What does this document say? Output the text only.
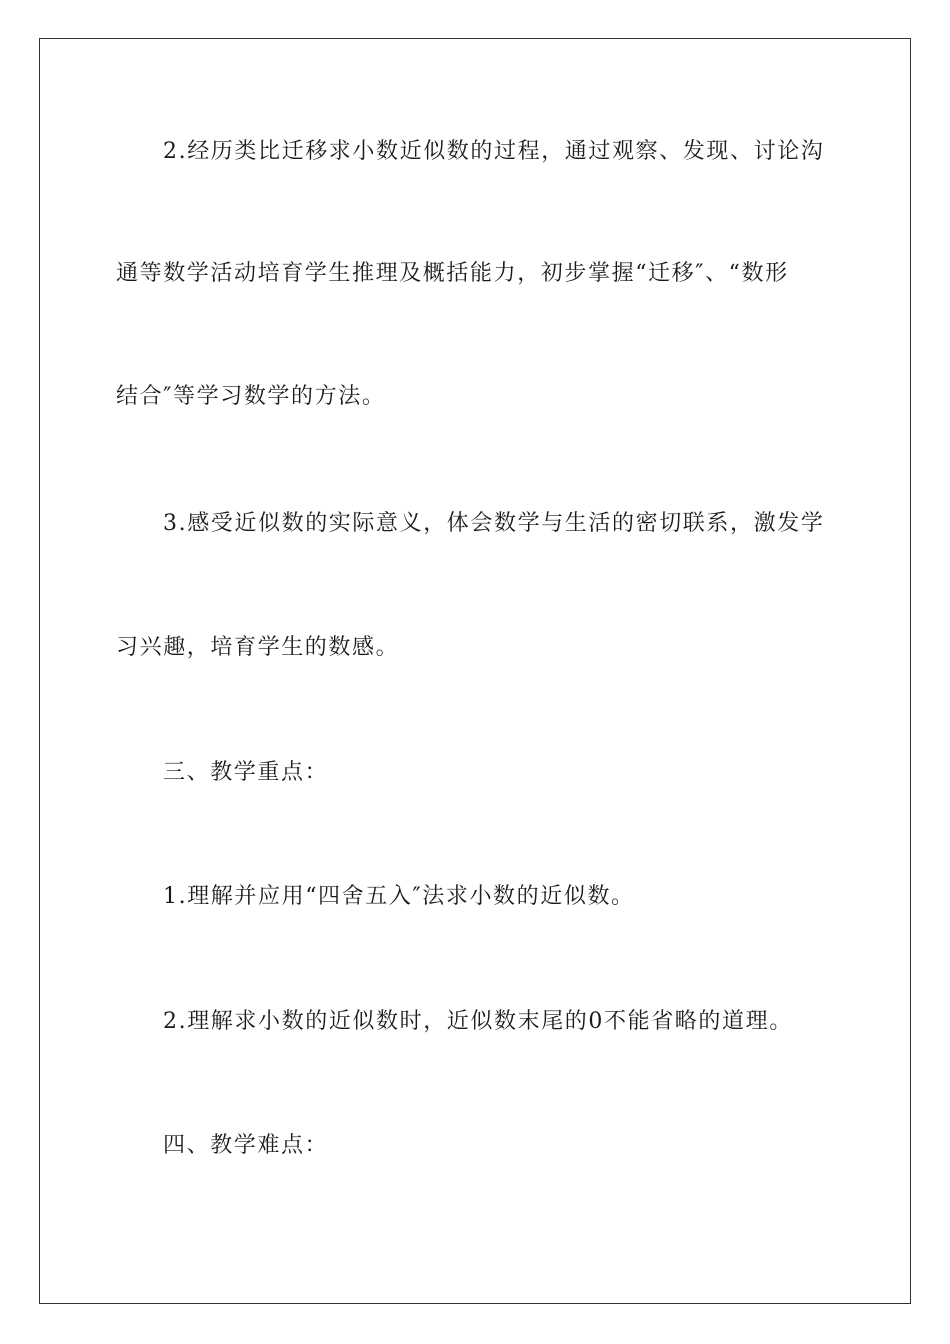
2.经历类比迁移求小数近似数的过程，通过观察、发现、讨论沟
通等数学活动培育学生推理及概括能力，初步掌握“迁移″、“数形
结合″等学习数学的方法。
3.感受近似数的实际意义，体会数学与生活的密切联系，激发学
习兴趣，培育学生的数感。
三、教学重点：
1.理解并应用“四舍五入″法求小数的近似数。
2.理解求小数的近似数时，近似数末尾的0不能省略的道理。
四、教学难点：
